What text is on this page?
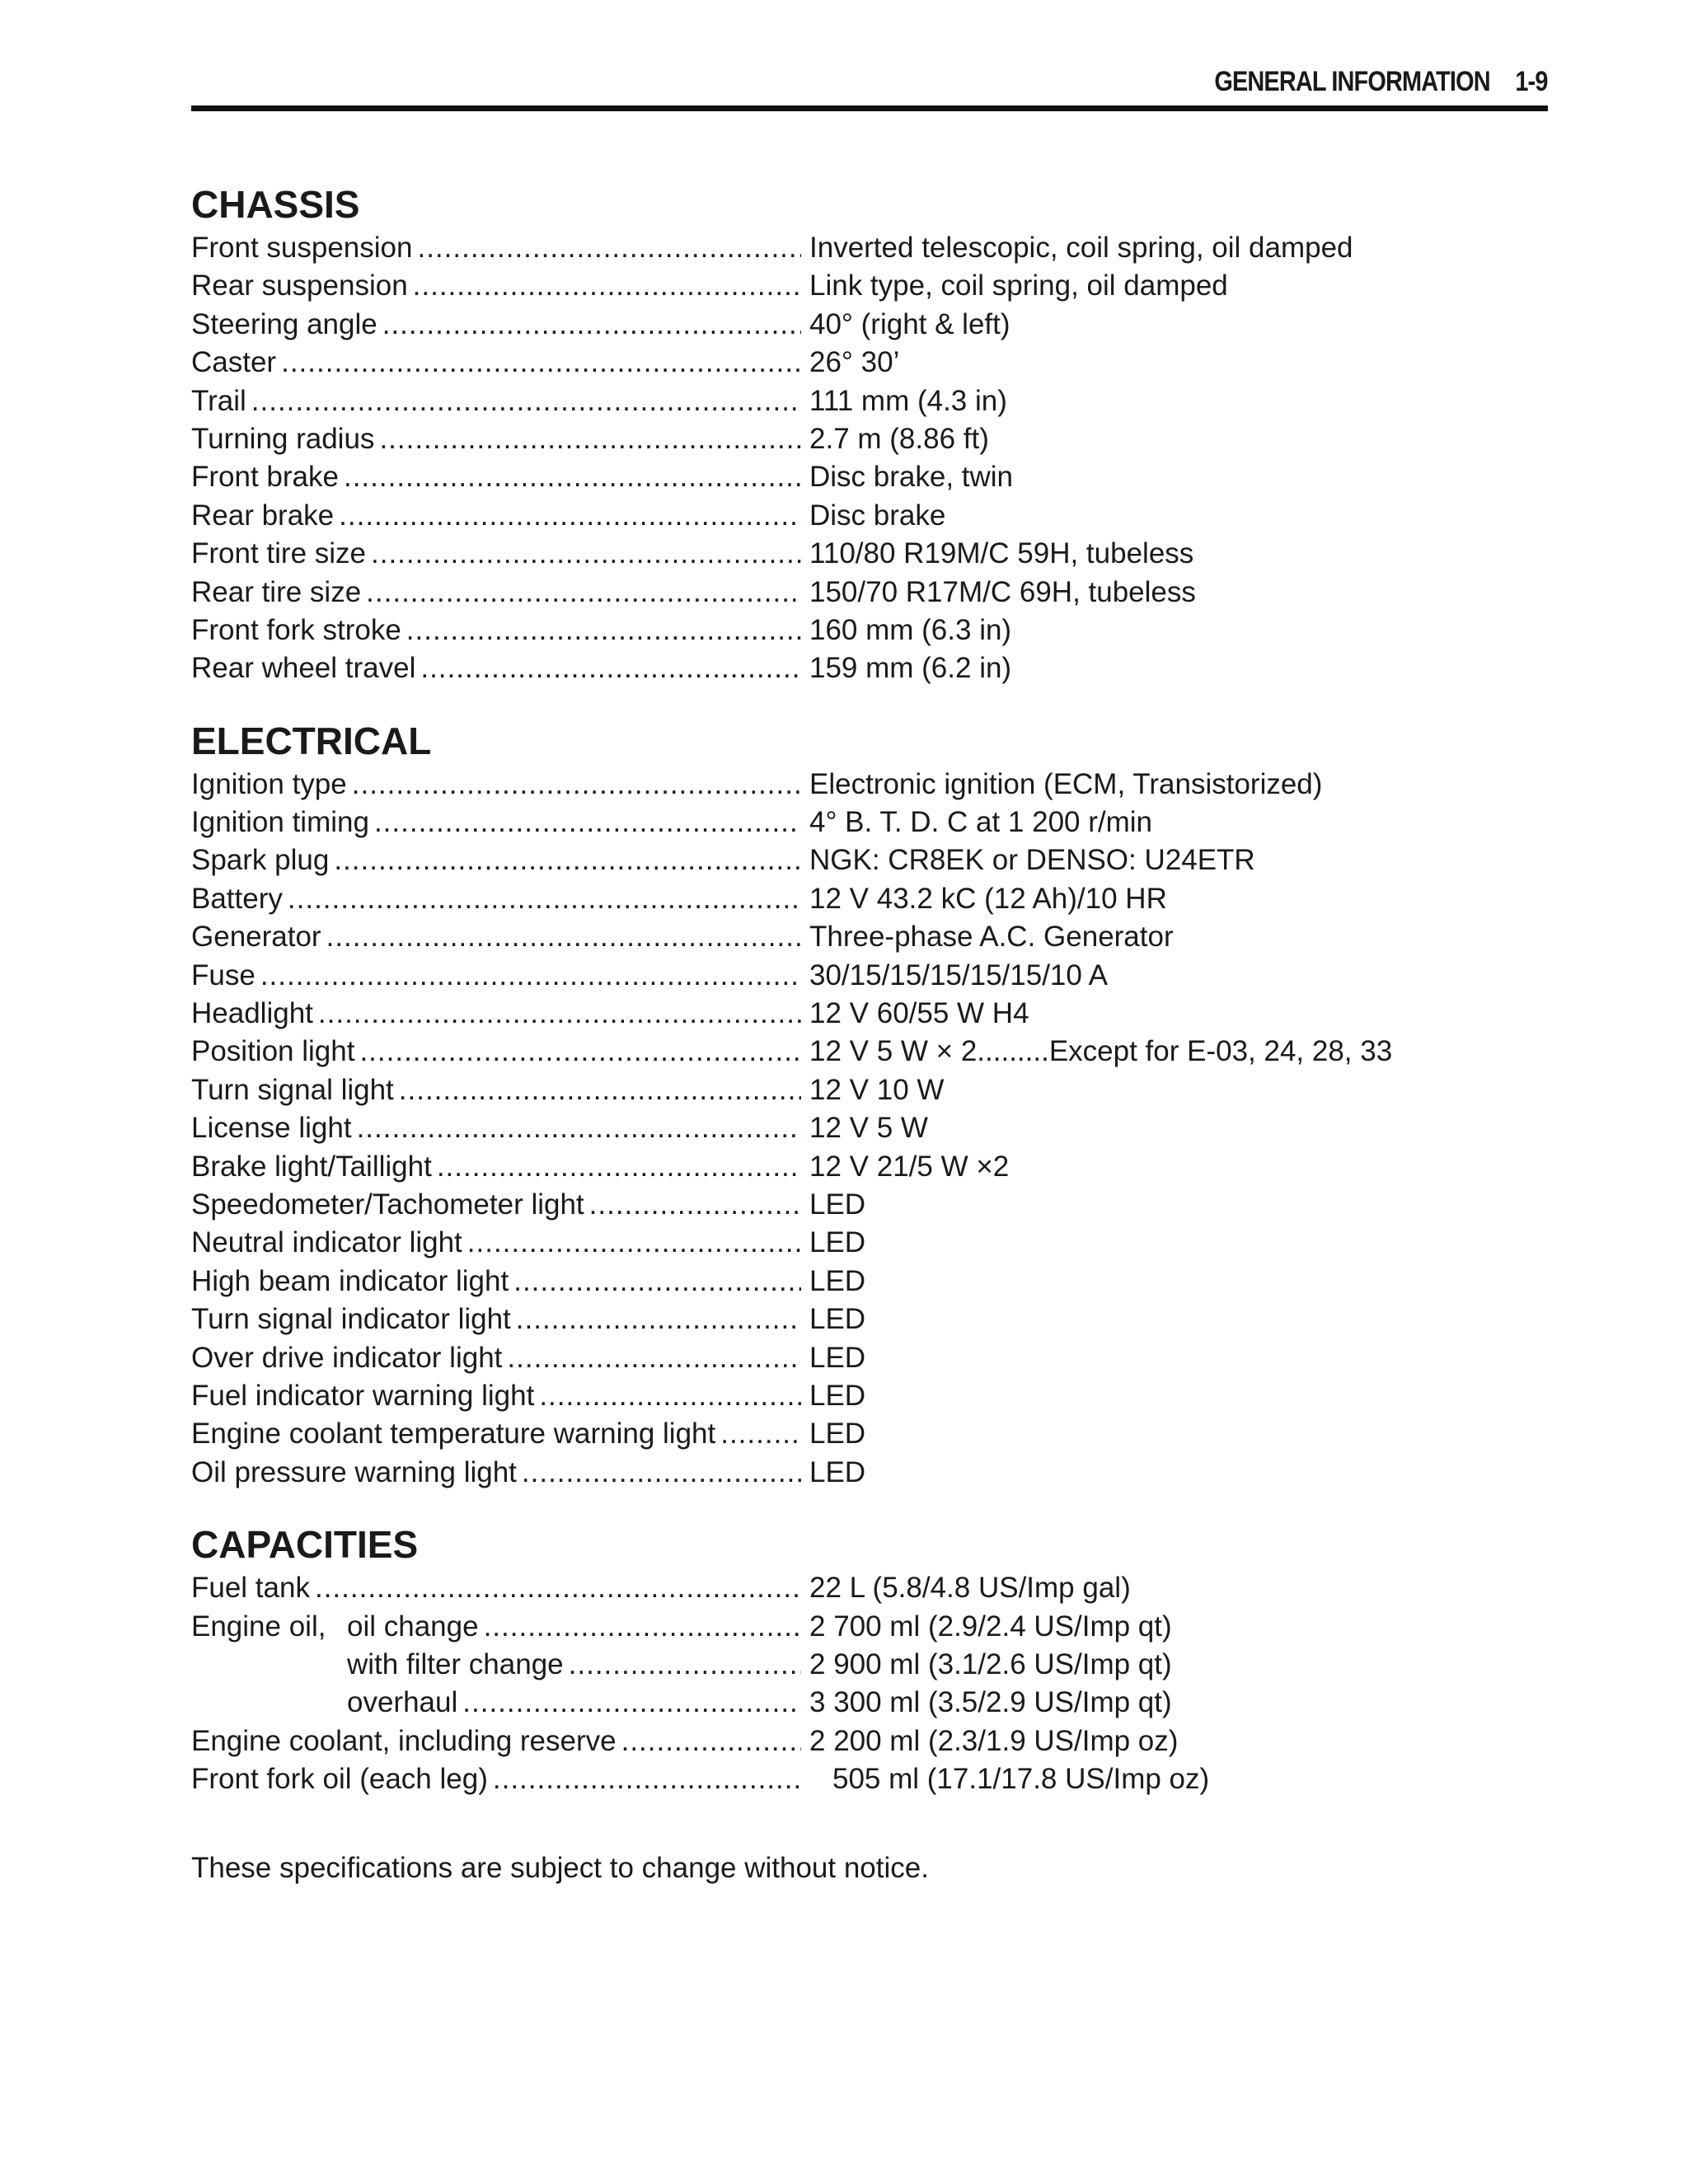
GENERAL INFORMATION 1-9
CHASSIS
Front suspension .....	Inverted telescopic, coil spring, oil damped
Rear suspension .....	Link type, coil spring, oil damped
Steering angle .....	40° (right & left)
Caster .....	26° 30’
Trail .....	111 mm (4.3 in)
Turning radius .....	2.7 m (8.86 ft)
Front brake .....	Disc brake, twin
Rear brake .....	Disc brake
Front tire size .....	110/80 R19M/C 59H, tubeless
Rear tire size .....	150/70 R17M/C 69H, tubeless
Front fork stroke .....	160 mm (6.3 in)
Rear wheel travel .....	159 mm (6.2 in)
ELECTRICAL
Ignition type .....	Electronic ignition (ECM, Transistorized)
Ignition timing .....	4° B. T. D. C at 1 200 r/min
Spark plug .....	NGK: CR8EK or DENSO: U24ETR
Battery .....	12 V 43.2 kC (12 Ah)/10 HR
Generator .....	Three-phase A.C. Generator
Fuse .....	30/15/15/15/15/15/10 A
Headlight .....	12 V 60/55 W H4
Position light .....	12 V 5 W × 2.........Except for E-03, 24, 28, 33
Turn signal light .....	12 V 10 W
License light .....	12 V 5 W
Brake light/Taillight .....	12 V 21/5 W ×2
Speedometer/Tachometer light .....	LED
Neutral indicator light .....	LED
High beam indicator light .....	LED
Turn signal indicator light .....	LED
Over drive indicator light .....	LED
Fuel indicator warning light .....	LED
Engine coolant temperature warning light .....	LED
Oil pressure warning light .....	LED
CAPACITIES
Fuel tank .....	22 L (5.8/4.8 US/Imp gal)
Engine oil, oil change .....	2 700 ml (2.9/2.4 US/Imp qt)
with filter change .....	2 900 ml (3.1/2.6 US/Imp qt)
overhaul .....	3 300 ml (3.5/2.9 US/Imp qt)
Engine coolant, including reserve .....	2 200 ml (2.3/1.9 US/Imp oz)
Front fork oil (each leg) .....	505 ml (17.1/17.8 US/Imp oz)
These specifications are subject to change without notice.
